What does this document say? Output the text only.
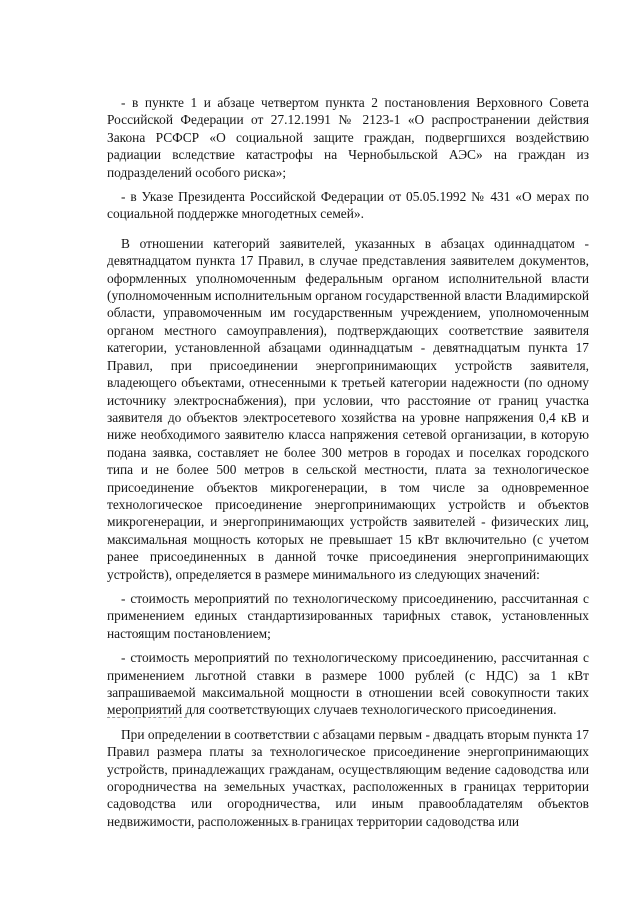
- в пункте 1 и абзаце четвертом пункта 2 постановления Верховного Совета Российской Федерации от 27.12.1991 № 2123-1 «О распространении действия Закона РСФСР «О социальной защите граждан, подвергшихся воздействию радиации вследствие катастрофы на Чернобыльской АЭС» на граждан из подразделений особого риска»;

- в Указе Президента Российской Федерации от 05.05.1992 № 431 «О мерах по социальной поддержке многодетных семей».

В отношении категорий заявителей, указанных в абзацах одиннадцатом - девятнадцатом пункта 17 Правил, в случае представления заявителем документов, оформленных уполномоченным федеральным органом исполнительной власти (уполномоченным исполнительным органом государственной власти Владимирской области, управомоченным им государственным учреждением, уполномоченным органом местного самоуправления), подтверждающих соответствие заявителя категории, установленной абзацами одиннадцатым - девятнадцатым пункта 17 Правил, при присоединении энергопринимающих устройств заявителя, владеющего объектами, отнесенными к третьей категории надежности (по одному источнику электроснабжения), при условии, что расстояние от границ участка заявителя до объектов электросетевого хозяйства на уровне напряжения 0,4 кВ и ниже необходимого заявителю класса напряжения сетевой организации, в которую подана заявка, составляет не более 300 метров в городах и поселках городского типа и не более 500 метров в сельской местности, плата за технологическое присоединение объектов микрогенерации, в том числе за одновременное технологическое присоединение энергопринимающих устройств и объектов микрогенерации, и энергопринимающих устройств заявителей - физических лиц, максимальная мощность которых не превышает 15 кВт включительно (с учетом ранее присоединенных в данной точке присоединения энергопринимающих устройств), определяется в размере минимального из следующих значений:

- стоимость мероприятий по технологическому присоединению, рассчитанная с применением единых стандартизированных тарифных ставок, установленных настоящим постановлением;

- стоимость мероприятий по технологическому присоединению, рассчитанная с применением льготной ставки в размере 1000 рублей (с НДС) за 1 кВт запрашиваемой максимальной мощности в отношении всей совокупности таких мероприятий для соответствующих случаев технологического присоединения.

При определении в соответствии с абзацами первым - двадцать вторым пункта 17 Правил размера платы за технологическое присоединение энергопринимающих устройств, принадлежащих гражданам, осуществляющим ведение садоводства или огородничества на земельных участках, расположенных в границах территории садоводства или огородничества, или иным правообладателям объектов недвижимости, расположенных в границах территории садоводства или
